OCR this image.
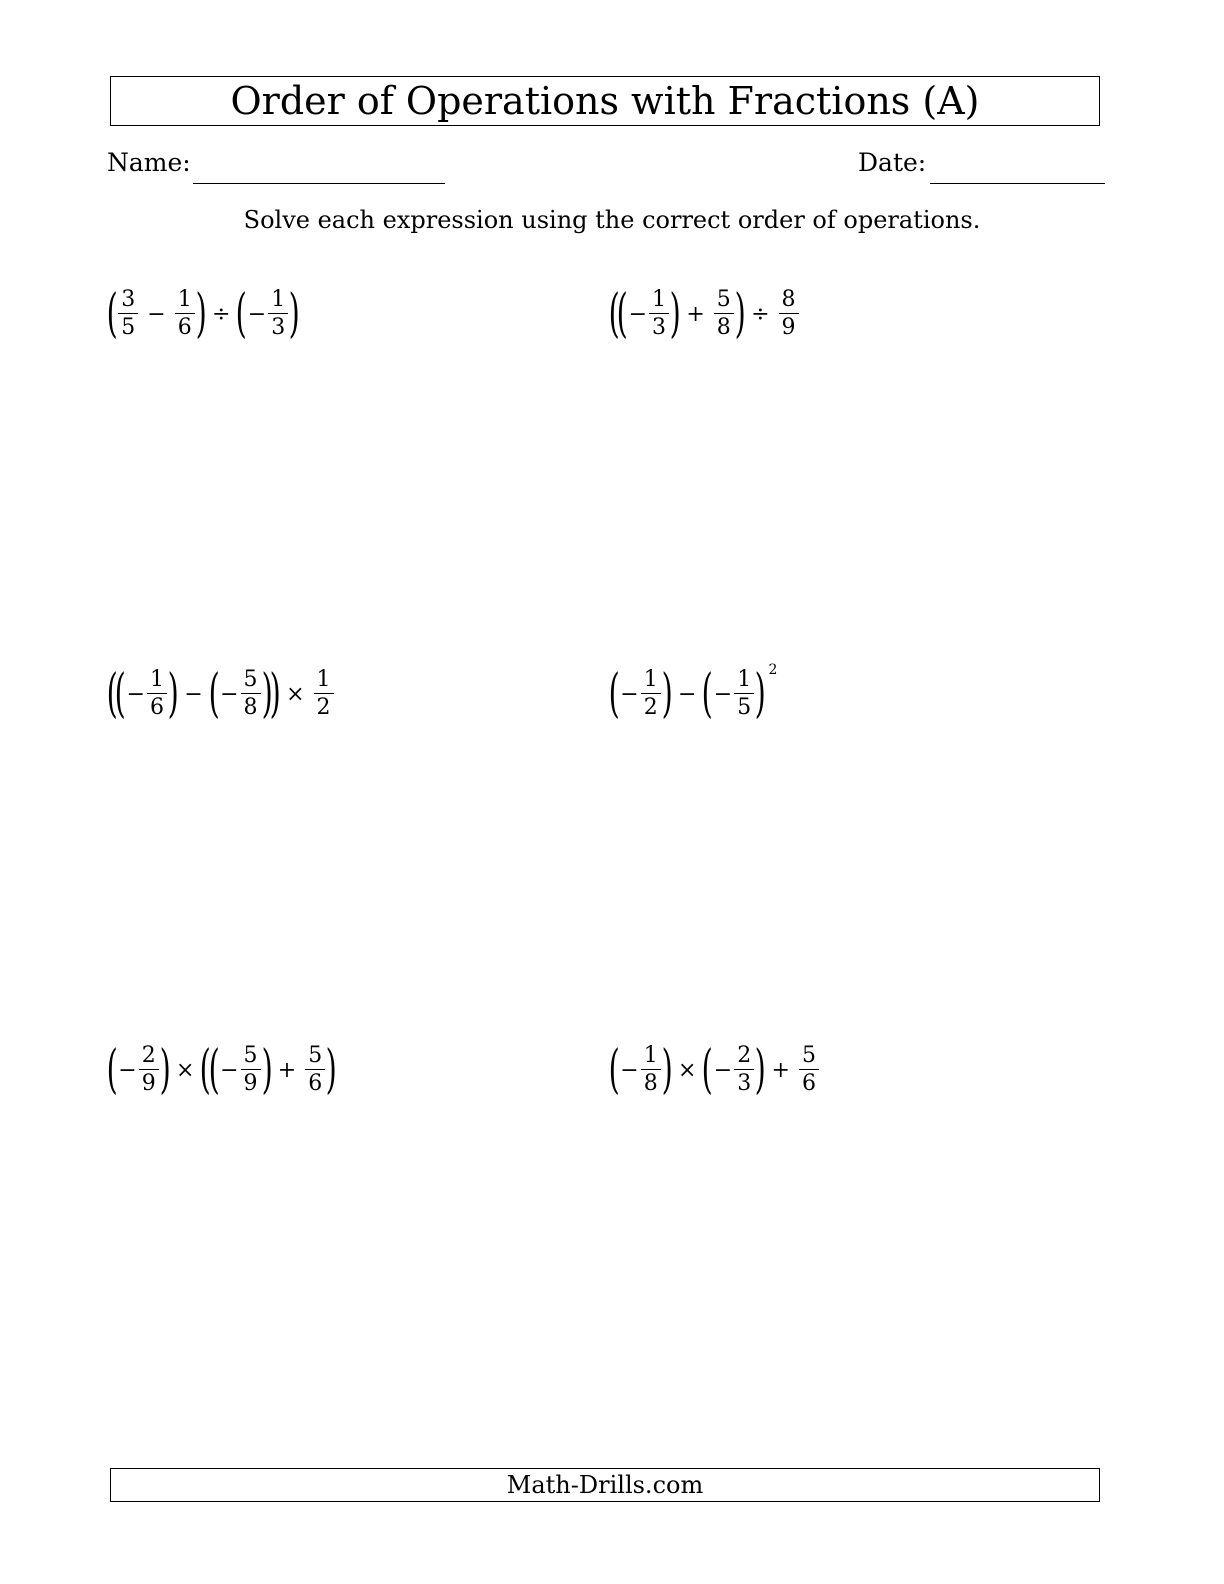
Order of Operations with Fractions (A)
Name:	Date:
Solve each expression using the correct order of operations.
( $\frac{3}{5} - \frac{1}{6}$ ) ÷ ( − $\frac{1}{3}$ )	(
( − $\frac{1}{3}$ ) + $\frac{5}{8}$ ) ÷ $\frac{8}{9}$
(
( − $\frac{1}{6}$ ) − ( − $\frac{5}{8}$ )
) × $\frac{1}{2}$	( − $\frac{1}{2}$ ) − ( − $\frac{1}{5}$ ) 2
( − $\frac{2}{9}$ ) × (
( − $\frac{5}{9}$ ) + $\frac{5}{6}$ )	( − $\frac{1}{8}$ ) × ( − $\frac{2}{3}$ ) + $\frac{5}{6}$
Math-Drills.com
